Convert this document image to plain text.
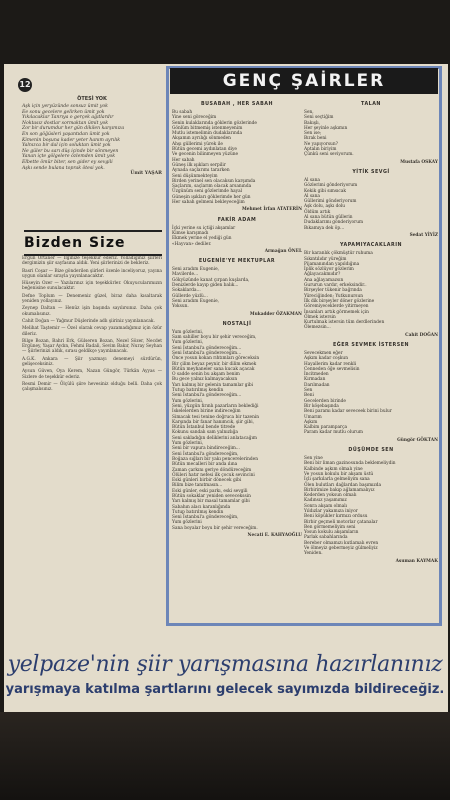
12
ÖTESİ YOK
Aşk için yeryüzünde sonsuz ümit yok
Ee sonu gecelere gelirken ümit yok
Yıkılacaklar Tanrıya o gerçek ağıtlardır
Noktasız dostlar sormaktan ümit yok
Zor bir durumdur her gün dikilen karşımıza
En son göğüsleri yaşantıdan ümit yok
Kimenin boşuna kader yeter hanım ayrılık
Yalnızca bir dal için soluktan ümit yok
Ne güler bu sarı düş içinde bir sönmeyen
Yanan içte gölgelere özlemden ümit yok
Elbette ömür biter, sen gider ey sevgili
Aşkı sende bulana toprak ötesi yok.
Ümit YAŞAR
Bizden Size

Ergun Örtaner — İlginize teşekkür ederiz. Yolladığınız şiirleri dergimizin şiir sayfasına aldık. Yeni şiirlerinizi de bekleriz.

Basri Coşar — Bize gönderilen şiirleri özenle inceliyoruz, yayına uygun olanlar sırayla yayınlanacaktır.

Hüseyin Ozer — Yazılarınız için teşekkürler. Okuyucularımızın beğenisine sunulacaktır.

Defne Toplum — Denemeniz güzel, biraz daha kısaltarak yeniden yollayınız.

Zeynep Daltan — Henüz işin başında sayılırsınız. Daha çok okumalısınız.

Cahit Doğan — Yağmur Düşlerinde adlı şiiriniz yayınlanacak.

Melihat Taştemir — Özel olarak cevap yazamadığımız için özür dileriz.

Bilge Bozan, Bahri Erk, Gülseren Bozan, Nezel Sözer, Necdet Ergüney, Yaşar Aydın, Fehmi Badali, Sevim Bakır, Nuray Seyhan — Şiirlerinizi aldık, sırası geldikçe yayınlanacak.

A.G.K. Ankara — Şiir yazmayı denemeyi sürdürün, gelişeceksiniz.

Aysun Güven, Oya Kerem, Nazan Güngör, Türkân Ayyas — Sizlere de teşekkür ederiz.

Resmi Demir — Ölçülü şiire hevesiniz olduğu belli. Daha çok çalışmalısınız.

GENÇ ŞAİRLER
BUSABAH , HER SABAH
Bu sabah
Yine seni göreceğim
Senin kulaklarında göklerin gözlerinde
Gönlüm bitmemiş istenmeyenim
Mutlu istemelimin dudaklarında
Akşamın ayrılığı sönmeden
Ahşı güllerimi yürek ile
Bütün gecemi aydınlatan diye
Ve gecenin bilinmeyen yüzüne
Her sabah
Güneş ilk ışıkları serpilir
Aynada saçlarımı tararken
Seni düşünmekteyim
Birden yerinel sen olacaksın karşımda
Saçlarım, saçlarım olacak arsanında
Üzgünüm seni gözlerimde hayal
Güneşin ışıkları göklerimde her gün
Her sabah gelmeni bekleyeceğim
Mehmet İrfan ATATERİN
FAKİR ADAM
İçki yerine su içtiği akşamlar
Kimse karışmadı
Ekmek yerine el yediği gün
«Hayvan» dediler.
Armağan ÖNEL
EUGENİE'YE MEKTUPLAR
Seni aradım Eugenie,
Mavilerde...
Gökyüzünde kanat çırpan kuşlarda,
Denizlerde kayıp giden balık...
Sokaklarda...
Güllerde yüzlü...
Seni aradım Eugenie,
Yoksun.
Mukadder ÖZAKMAN
NOSTALJİ
Yum gözlerini,
Sam sahiller boyu bir şehir vereceğim,
Yum gözlerini,
Seni İstanbul'a göndereceğim...
Seni İstanbul'a göndereceğim...
Önce yosun kokan rıhtımları göreceksin
Bir çilim beyaz peynir, bir dilim ekmek
Bütün meyhaneler sana kucak açacak
O sadde senin bu akşam benim
Bu gece yalnız kalmayacaksın
Yarı kalmış bir gelenin tamamlar gibi
Tutup batırılmış kendin
Seni İstanbul'a göndereceğim...
Yum gözlerini,
Seni, yüzgün fırınlı pazarların beklediği
İskelelerden birine indireceğim
Simacak tesi tenine doğruca bir tazenin
Karşında bir fanar hanımcık, şiir gibi,
Bütün İstanbul bende titrede
Kokunu sandalı sam yalnızlığa
Seni sakladığın deliklerini anlatacağım
Yum gözlerini,
Seni bir vapura bindireceğim...
Seni İstanbul'a göndereceğim,
Boğaza sığları bir yakı pencerelerinden
Bütün mecalleri bir anda ılına
Zaman çarkını geriye döndüreceğim
Ölüleri hatır nefesi ilk çocuk sevincini
Eski günleri birbir dönecek gibi
Bilim bize tanıtmasın...
Eski günler, eski parkı, eski sevgili
Bütün sokaklar yeniden sevecekssin
Yarı kalmış bir masal tamamlar gibi
Sabahın alacı karanlığında
Tutup batırılmış kendin
Seni İstanbul'a göndereceğim,
Yum gözlerini
Sana boyalar boyu bir şehir vereceğim.
Necati E. KAHYAOĞLU
TALAN
Sen,
Seni seçtiğim
Bakışlı,
Her şeyinle aşkımın
Sen ise;
Bırak beni
Ne yapıyorsun?
Aptalın biriyim
Çünkü seni seviyorum.
Mustafa OSKAY
YİTİK SEVGİ
Al sana
Gözlerimi gönderiyorum
Kekik gibi sımsıcak
Al sana
Güllerimi gönderiyorum
Aşk dolu, aşkı dolu
Öldüm artık
Al sana bütün güllerin
Dudaklarımı gönderiyorum
Bıkamıya dek öp...
Sedat YİYİZ
YAPAMIYACAKLARIN
Bir karanlık çökmüştür ruhuma
Sıkıntılıdır yüreğim
Pijamanından yapıldığına
İplik sözlüyor gözlerim
Ağlayacakmıdır?
Ana ağlayamazsın
Gururun vardır, erkeksindir..
Birşeyler tükenir bağrında
Yüreciğinden; Yutkunursun
İlk dik birşeyler döner gözlerine
Göremiyeceklerde yitirmeyen
İnsanları artık görmemek için
Ölmek istersin
Kurtulmak istersin tüm derdlerinden
Ölemezsin...
Cahit DOĞAN
EĞER SEVMEK İSTERSEN
Sevecekmen eğer
Aşkım kadar coşkun
Hayallerim kadar renkli
Cenneden öğe sevmelisin
İncitmeden
Kırmadan
Darılmadan
Sen
Beni
Gecelerden birinde
Bir köşebaşında
Beni paramı kadar seveceek birini bulur
Umarım
Aşkım
Kalbim paramparça
Param kadar mutlu olurum
Güngör GÖKTAN
DÜŞÜMDE SEN
Sen yine
Beni bir liman gazinosunda beklemeliydin
Kalbinde aşkım olmalı yine
Ve yosun kokulu bir akşam üstü
İçli şarkılarla gelmeliyim sana
Ölen bulutları dağlardan başımızda
Birbirimize bakıp ağlamamalıyız
Kederden yoksun olmalı
Kadınsız yaşamımız
Sonra akşam olmalı
Yıldızlar yakamıza iniyor
Beni köpükler kırmızı ordusu
Birbir geçmeli motorlar çatanalar
Ben görmemeliyim seni
Yosun kokulu akşamların
Parlak sabahlarında
Bereber olmamızı kutlamalı evren
Ve ölmeyiz gebermeyiz gülmeliyiz
Yeniden.
Asuman KAYMAK
yelpaze'nin şiir yarışmasına hazırlanınız
yarışmaya katılma şartlarını gelecek sayımızda bildireceğiz.
